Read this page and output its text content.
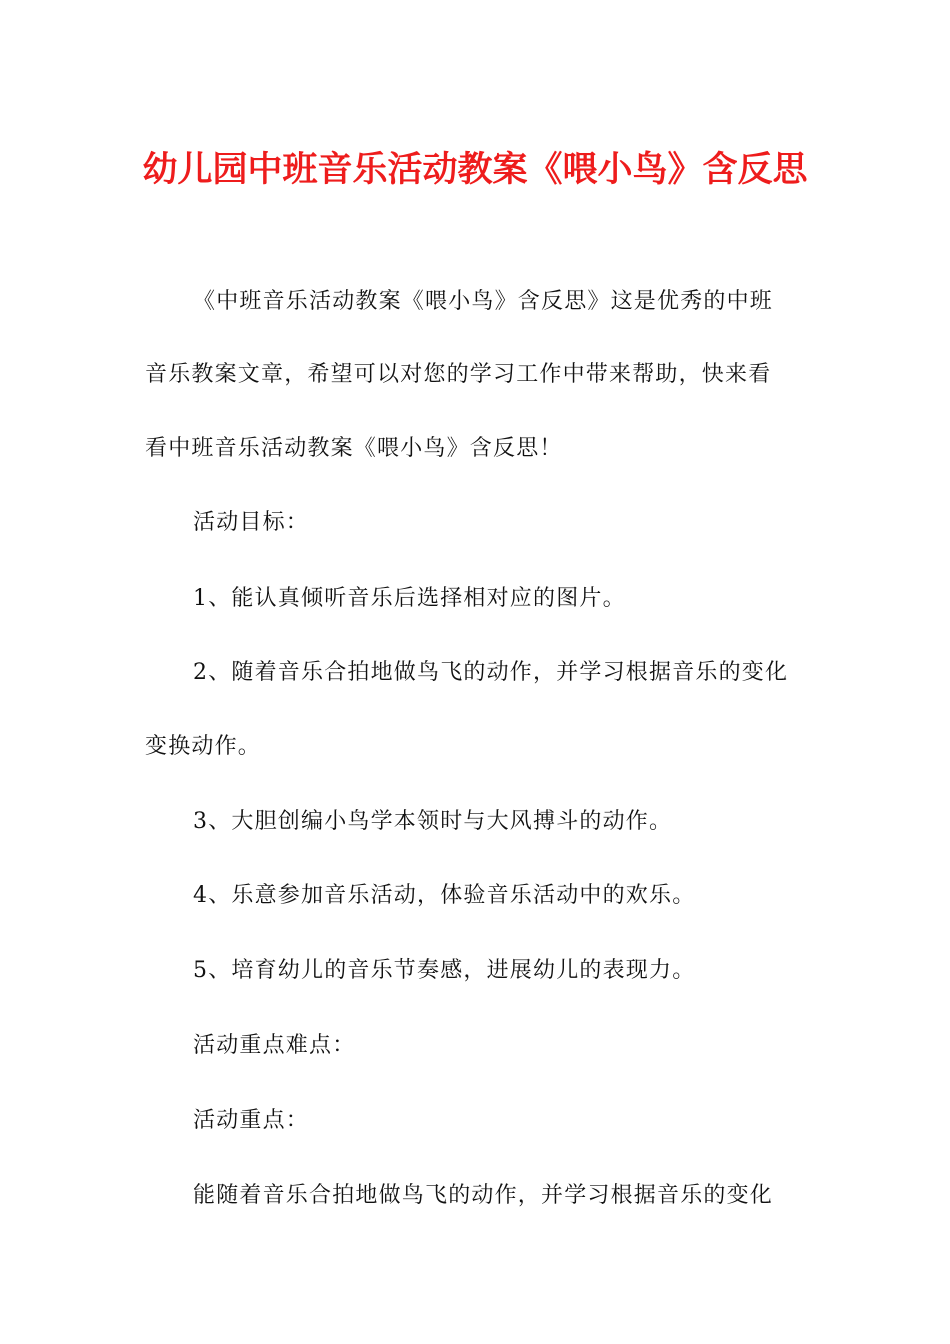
幼儿园中班音乐活动教案《喂小鸟》含反思
《中班音乐活动教案《喂小鸟》含反思》这是优秀的中班
音乐教案文章，希望可以对您的学习工作中带来帮助，快来看
看中班音乐活动教案《喂小鸟》含反思！
活动目标：
1、能认真倾听音乐后选择相对应的图片。
2、随着音乐合拍地做鸟飞的动作，并学习根据音乐的变化
变换动作。
3、大胆创编小鸟学本领时与大风搏斗的动作。
4、乐意参加音乐活动，体验音乐活动中的欢乐。
5、培育幼儿的音乐节奏感，进展幼儿的表现力。
活动重点难点：
活动重点：
能随着音乐合拍地做鸟飞的动作，并学习根据音乐的变化
